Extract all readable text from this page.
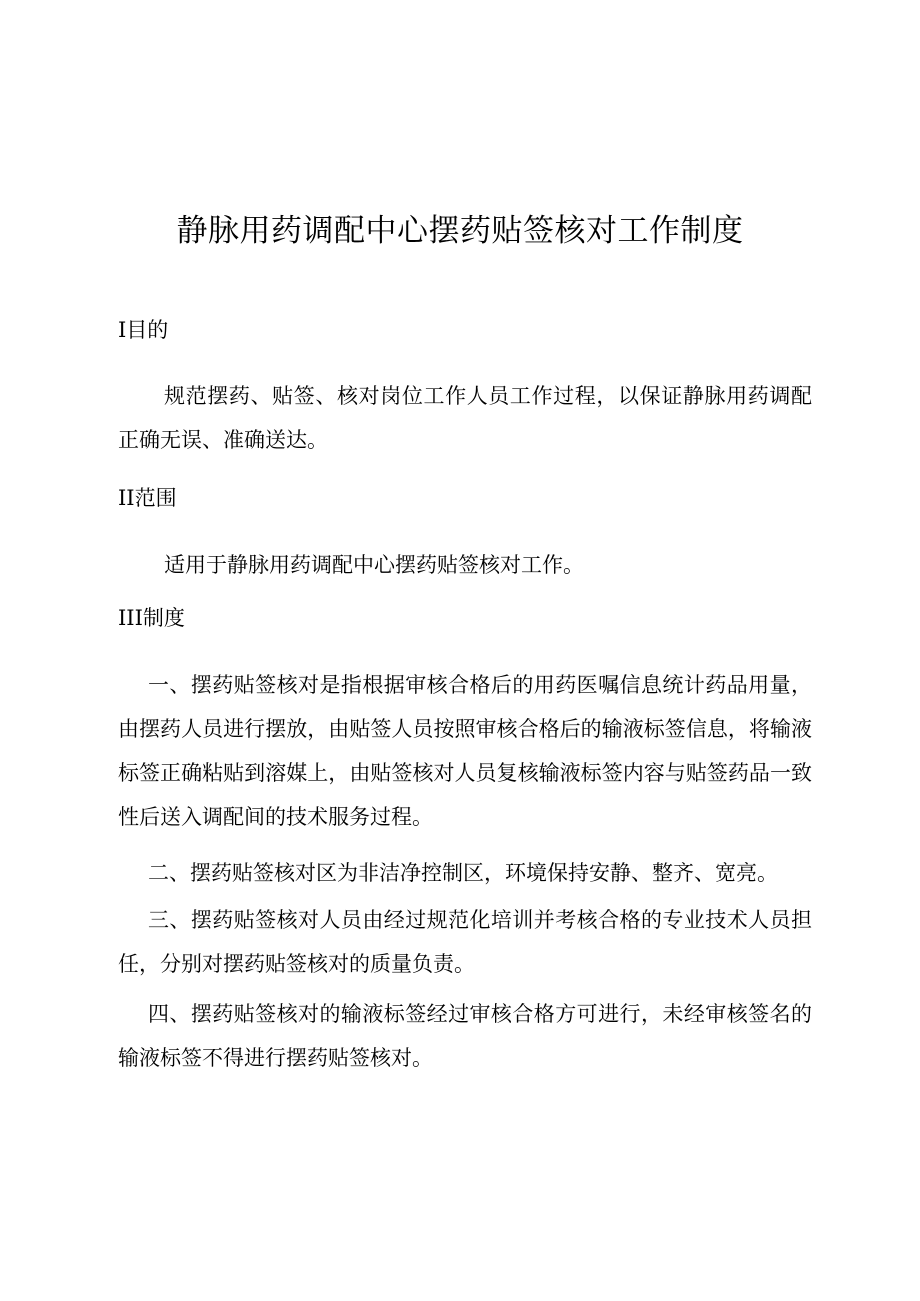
静脉用药调配中心摆药贴签核对工作制度
I目的

规范摆药、贴签、核对岗位工作人员工作过程，以保证静脉用药调配正确无误、准确送达。

II范围

适用于静脉用药调配中心摆药贴签核对工作。

III制度

一、摆药贴签核对是指根据审核合格后的用药医嘱信息统计药品用量，由摆药人员进行摆放，由贴签人员按照审核合格后的输液标签信息，将输液标签正确粘贴到溶媒上，由贴签核对人员复核输液标签内容与贴签药品一致性后送入调配间的技术服务过程。

二、摆药贴签核对区为非洁净控制区，环境保持安静、整齐、宽亮。

三、摆药贴签核对人员由经过规范化培训并考核合格的专业技术人员担任，分别对摆药贴签核对的质量负责。

四、摆药贴签核对的输液标签经过审核合格方可进行，未经审核签名的输液标签不得进行摆药贴签核对。
